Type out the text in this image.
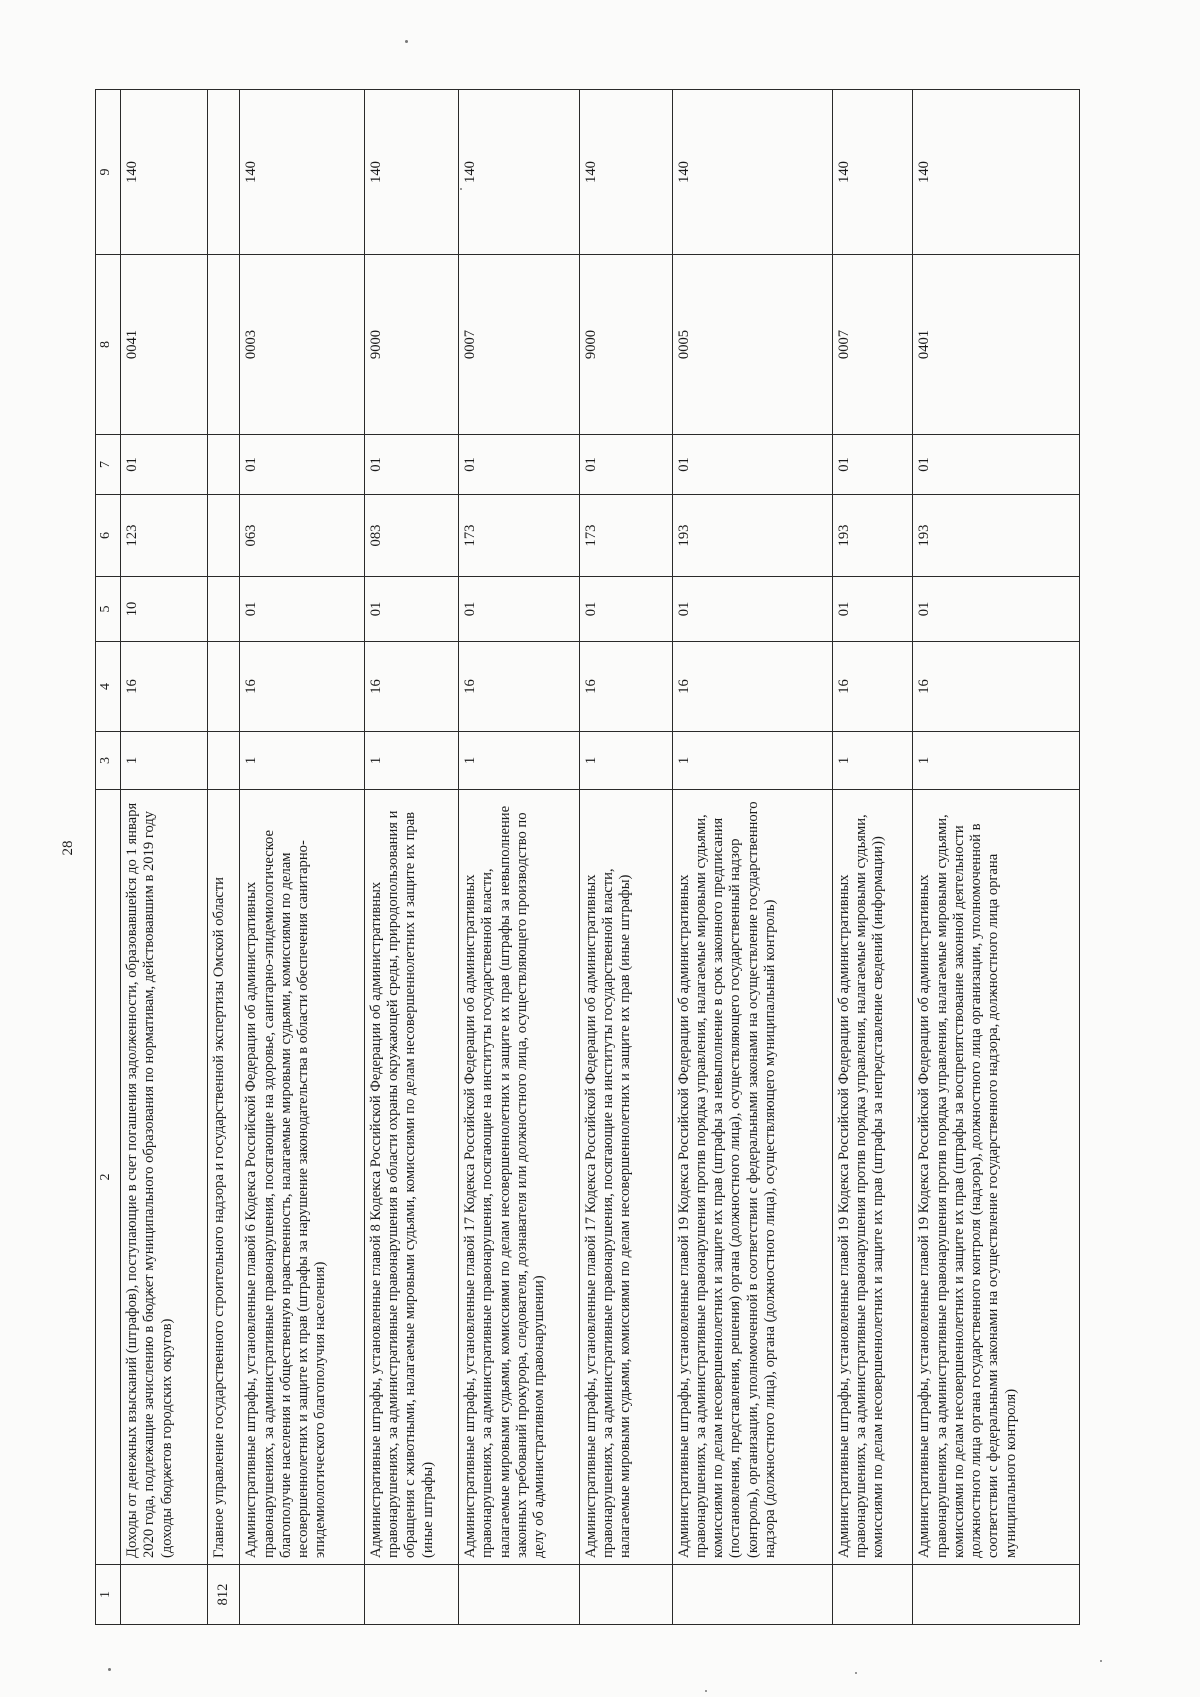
28
1	2	3	4	5	6	7	8	9
	Доходы от денежных взысканий (штрафов), поступающие в счет погашения задолженности, образовавшейся до 1 января 2020 года, подлежащие зачислению в бюджет муниципального образования по нормативам, действовавшим в 2019 году (доходы бюджетов городских округов)	1	16	10	123	01	0041	140
812	Главное управление государственного строительного надзора и государственной экспертизы Омской области							
	Административные штрафы, установленные главой 6 Кодекса Российской Федерации об административных правонарушениях, за административные правонарушения, посягающие на здоровье, санитарно-эпидемиологическое благополучие населения и общественную нравственность, налагаемые мировыми судьями, комиссиями по делам несовершеннолетних и защите их прав (штрафы за нарушение законодательства в области обеспечения санитарно-эпидемиологического благополучия населения)	1	16	01	063	01	0003	140
	Административные штрафы, установленные главой 8 Кодекса Российской Федерации об административных правонарушениях, за административные правонарушения в области охраны окружающей среды, природопользования и обращения с животными, налагаемые мировыми судьями, комиссиями по делам несовершеннолетних и защите их прав (иные штрафы)	1	16	01	083	01	9000	140
	Административные штрафы, установленные главой 17 Кодекса Российской Федерации об административных правонарушениях, за административные правонарушения, посягающие на институты государственной власти, налагаемые мировыми судьями, комиссиями по делам несовершеннолетних и защите их прав (штрафы за невыполнение законных требований прокурора, следователя, дознавателя или должностного лица, осуществляющего производство по делу об административном правонарушении)	1	16	01	173	01	0007	140
	Административные штрафы, установленные главой 17 Кодекса Российской Федерации об административных правонарушениях, за административные правонарушения, посягающие на институты государственной власти, налагаемые мировыми судьями, комиссиями по делам несовершеннолетних и защите их прав (иные штрафы)	1	16	01	173	01	9000	140
	Административные штрафы, установленные главой 19 Кодекса Российской Федерации об административных правонарушениях, за административные правонарушения против порядка управления, налагаемые мировыми судьями, комиссиями по делам несовершеннолетних и защите их прав (штрафы за невыполнение в срок законного предписания (постановления, представления, решения) органа (должностного лица), осуществляющего государственный надзор (контроль), организации, уполномоченной в соответствии с федеральными законами на осуществление государственного надзора (должностного лица), органа (должностного лица), осуществляющего муниципальный контроль)	1	16	01	193	01	0005	140
	Административные штрафы, установленные главой 19 Кодекса Российской Федерации об административных правонарушениях, за административные правонарушения против порядка управления, налагаемые мировыми судьями, комиссиями по делам несовершеннолетних и защите их прав (штрафы за непредставление сведений (информации))	1	16	01	193	01	0007	140
	Административные штрафы, установленные главой 19 Кодекса Российской Федерации об административных правонарушениях, за административные правонарушения против порядка управления, налагаемые мировыми судьями, комиссиями по делам несовершеннолетних и защите их прав (штрафы за воспрепятствование законной деятельности должностного лица органа государственного контроля (надзора), должностного лица организации, уполномоченной в соответствии с федеральными законами на осуществление государственного надзора, должностного лица органа муниципального контроля)	1	16	01	193	01	0401	140
